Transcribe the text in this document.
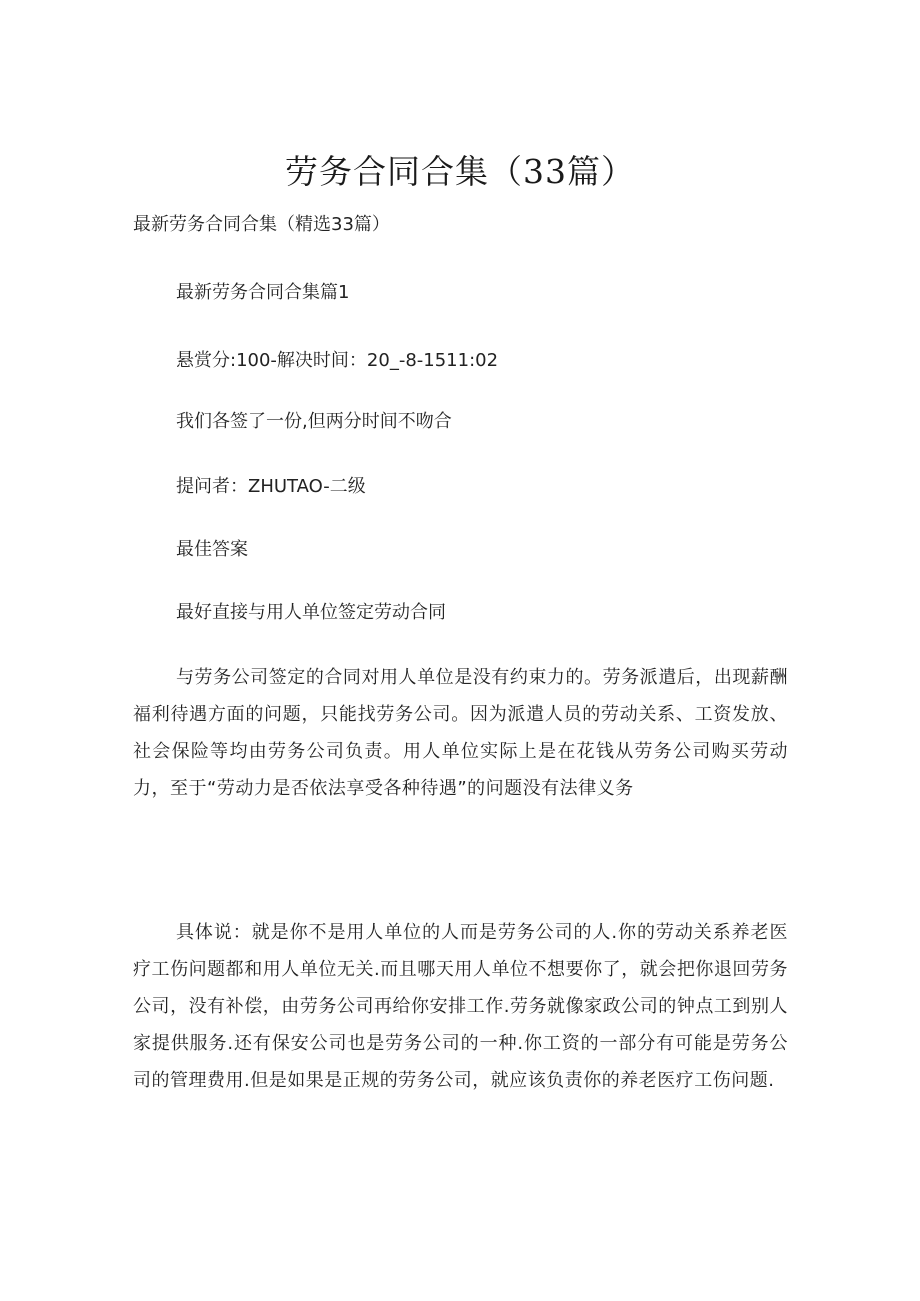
劳务合同合集（33篇）
最新劳务合同合集（精选33篇）
最新劳务合同合集篇1
悬赏分:100-解决时间：20_-8-1511:02
我们各签了一份,但两分时间不吻合
提问者：ZHUTAO-二级
最佳答案
最好直接与用人单位签定劳动合同
与劳务公司签定的合同对用人单位是没有约束力的。劳务派遣后，出现薪酬福利待遇方面的问题，只能找劳务公司。因为派遣人员的劳动关系、工资发放、社会保险等均由劳务公司负责。用人单位实际上是在花钱从劳务公司购买劳动力，至于“劳动力是否依法享受各种待遇”的问题没有法律义务
具体说：就是你不是用人单位的人而是劳务公司的人.你的劳动关系养老医疗工伤问题都和用人单位无关.而且哪天用人单位不想要你了，就会把你退回劳务公司，没有补偿，由劳务公司再给你安排工作.劳务就像家政公司的钟点工到别人家提供服务.还有保安公司也是劳务公司的一种.你工资的一部分有可能是劳务公司的管理费用.但是如果是正规的劳务公司，就应该负责你的养老医疗工伤问题.
